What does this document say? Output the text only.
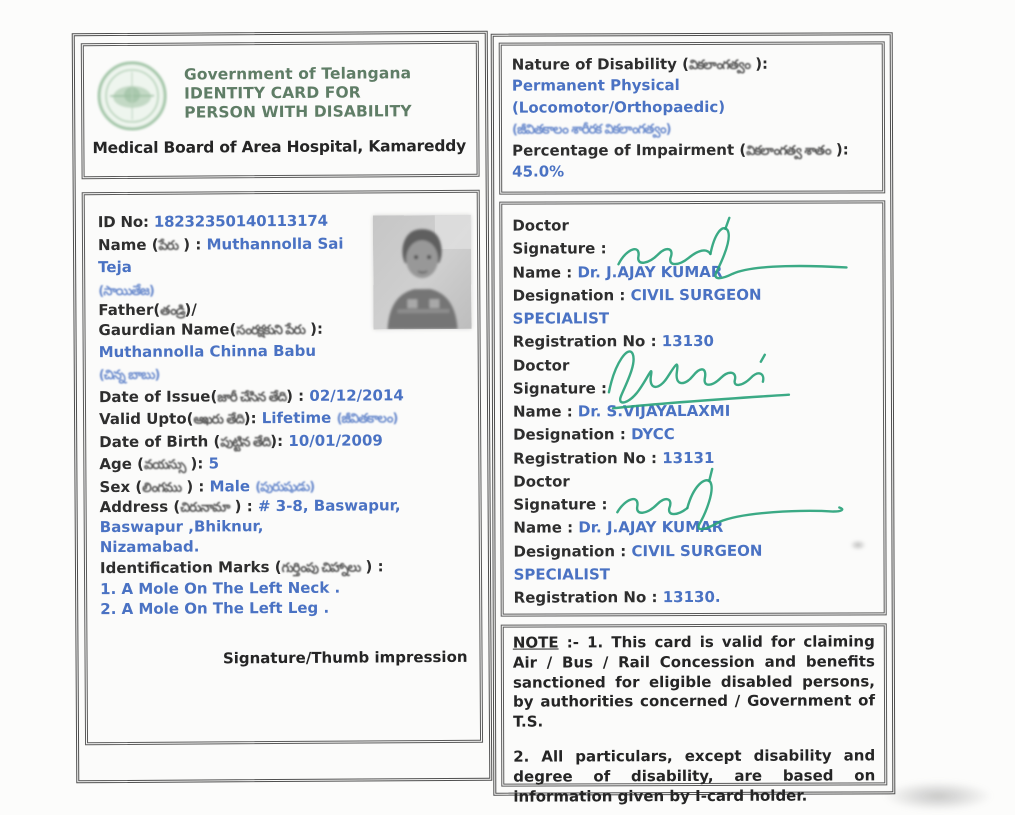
Government of Telangana
IDENTITY CARD FOR
PERSON WITH DISABILITY
Medical Board of Area Hospital, Kamareddy

ID No: 18232350140113174

Name (పేరు ) : Muthannolla Sai

Teja

(సాయితేజ)

Father(తండ్రి)/

Gaurdian Name(సంరక్షకుని పేరు ):

Muthannolla Chinna Babu

(చిన్న బాబు)

Date of Issue(జారీ చేసిన తేది) : 02/12/2014

Valid Upto(ఆఖరు తేది): Lifetime (జీవితకాలం)

Date of Birth (పుట్టిన తేది): 10/01/2009

Age (వయస్సు ): 5

Sex (లింగము ) : Male (పురుషుడు)

Address (చిరునామా ) : # 3-8, Baswapur,

Baswapur ,Bhiknur,

Nizamabad.

Identification Marks (గుర్తింపు చిహ్నాలు ) :

1. A Mole On The Left Neck .

2. A Mole On The Left Leg .

Signature/Thumb impression

Nature of Disability (వికలాంగత్వం ):

Permanent Physical

(Locomotor/Orthopaedic)

(జీవితకాలం శారీరక వికలాంగత్వం)

Percentage of Impairment (వికలాంగత్వ శాతం ):

45.0%

Doctor

Signature :

Name : Dr. J.AJAY KUMAR

Designation : CIVIL SURGEON SPECIALIST

Registration No : 13130

Doctor

Signature :

Name : Dr. S.VIJAYALAXMI

Designation : DYCC

Registration No : 13131

Doctor

Signature :

Name : Dr. J.AJAY KUMAR

Designation : CIVIL SURGEON SPECIALIST

Registration No : 13130.

NOTE :- 1. This card is valid for claiming Air / Bus / Rail Concession and benefits sanctioned for eligible disabled persons, by authorities concerned / Government of T.S.

2. All particulars, except disability and degree of disability, are based on information given by I-card holder.
